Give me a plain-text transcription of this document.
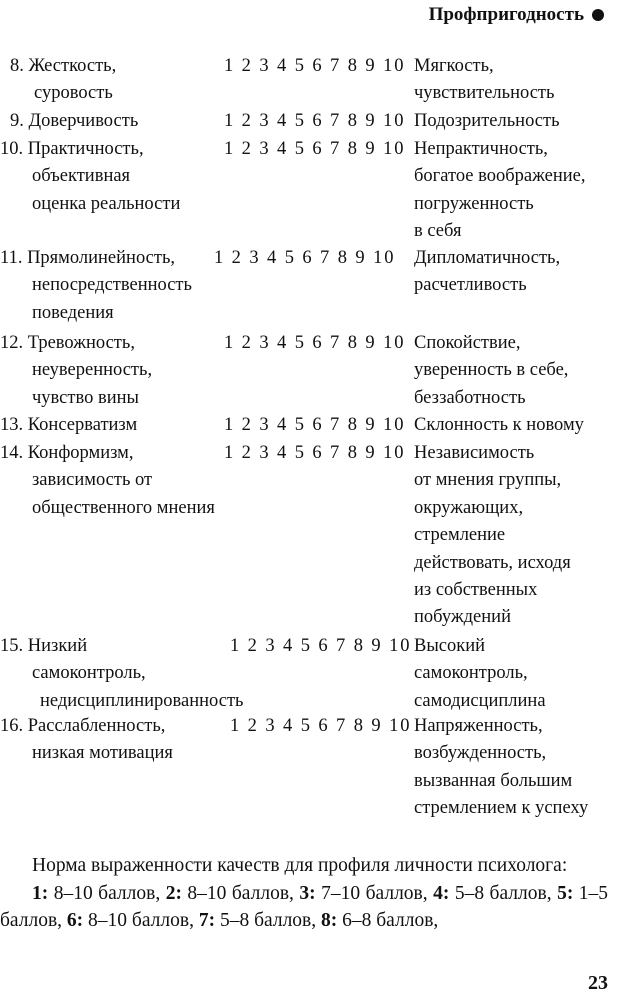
Профпригодность
8. Жесткость,
суровость
1 2 3 4 5 6 7 8 9 10 Мягкость,
чувствительность
9. Доверчивость	1 2 3 4 5 6 7 8 9 10 Подозрительность
10. Практичность,
объективная
оценка реальности
1 2 3 4 5 6 7 8 9 10 Непрактичность,
богатое воображение,
погруженность
в себя
11. Прямолинейность,
непосредственность
поведения
1 2 3 4 5 6 7 8 9 10 Дипломатичность,
расчетливость
12. Тревожность,
неуверенность,
чувство вины
1 2 3 4 5 6 7 8 9 10 Спокойствие,
уверенность в себе,
беззаботность
13. Консерватизм	1 2 3 4 5 6 7 8 9 10 Склонность к новому
14. Конформизм,
зависимость от
общественного мнения
1 2 3 4 5 6 7 8 9 10 Независимость
от мнения группы,
окружающих,
стремление
действовать, исходя
из собственных
побуждений
15. Низкий
самоконтроль,
недисциплинированность
1 2 3 4 5 6 7 8 9 10 Высокий
самоконтроль,
самодисциплина
16. Расслабленность,
низкая мотивация
1 2 3 4 5 6 7 8 9 10 Напряженность,
возбужденность,
вызванная большим
стремлением к успеху

Норма выраженности качеств для профиля личности психолога:

1: 8–10 баллов, 2: 8–10 баллов, 3: 7–10 баллов, 4: 5–8 баллов, 5: 1–5 баллов, 6: 8–10 баллов, 7: 5–8 баллов, 8: 6–8 баллов,

23
